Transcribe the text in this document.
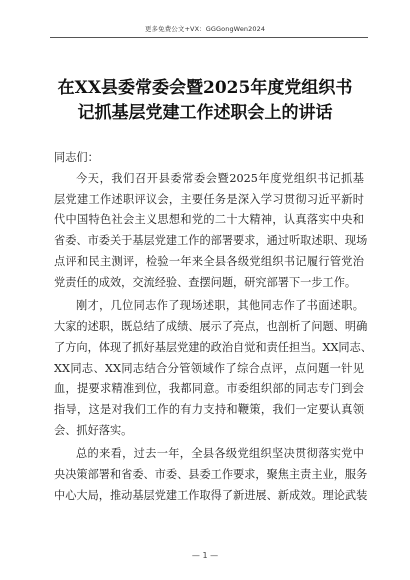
更多免费公文+VX：GGGongWen2024
在XX县委常委会暨2025年度党组织书
记抓基层党建工作述职会上的讲话

同志们：

今天，我们召开县委常委会暨2025年度党组织书记抓基
层党建工作述职评议会，主要任务是深入学习贯彻习近平新时
代中国特色社会主义思想和党的二十大精神，认真落实中央和
省委、市委关于基层党建工作的部署要求，通过听取述职、现场
点评和民主测评，检验一年来全县各级党组织书记履行管党治
党责任的成效，交流经验、查摆问题，研究部署下一步工作。
刚才，几位同志作了现场述职，其他同志作了书面述职。
大家的述职，既总结了成绩、展示了亮点，也剖析了问题、明确
了方向，体现了抓好基层党建的政治自觉和责任担当。XX同志、
XX同志、XX同志结合分管领域作了综合点评，点问题一针见
血，提要求精准到位，我都同意。市委组织部的同志专门到会
指导，这是对我们工作的有力支持和鞭策，我们一定要认真领
会、抓好落实。
总的来看，过去一年，全县各级党组织坚决贯彻落实党中
央决策部署和省委、市委、县委工作要求，聚焦主责主业，服务
中心大局，推动基层党建工作取得了新进展、新成效。理论武装
— 1 —
